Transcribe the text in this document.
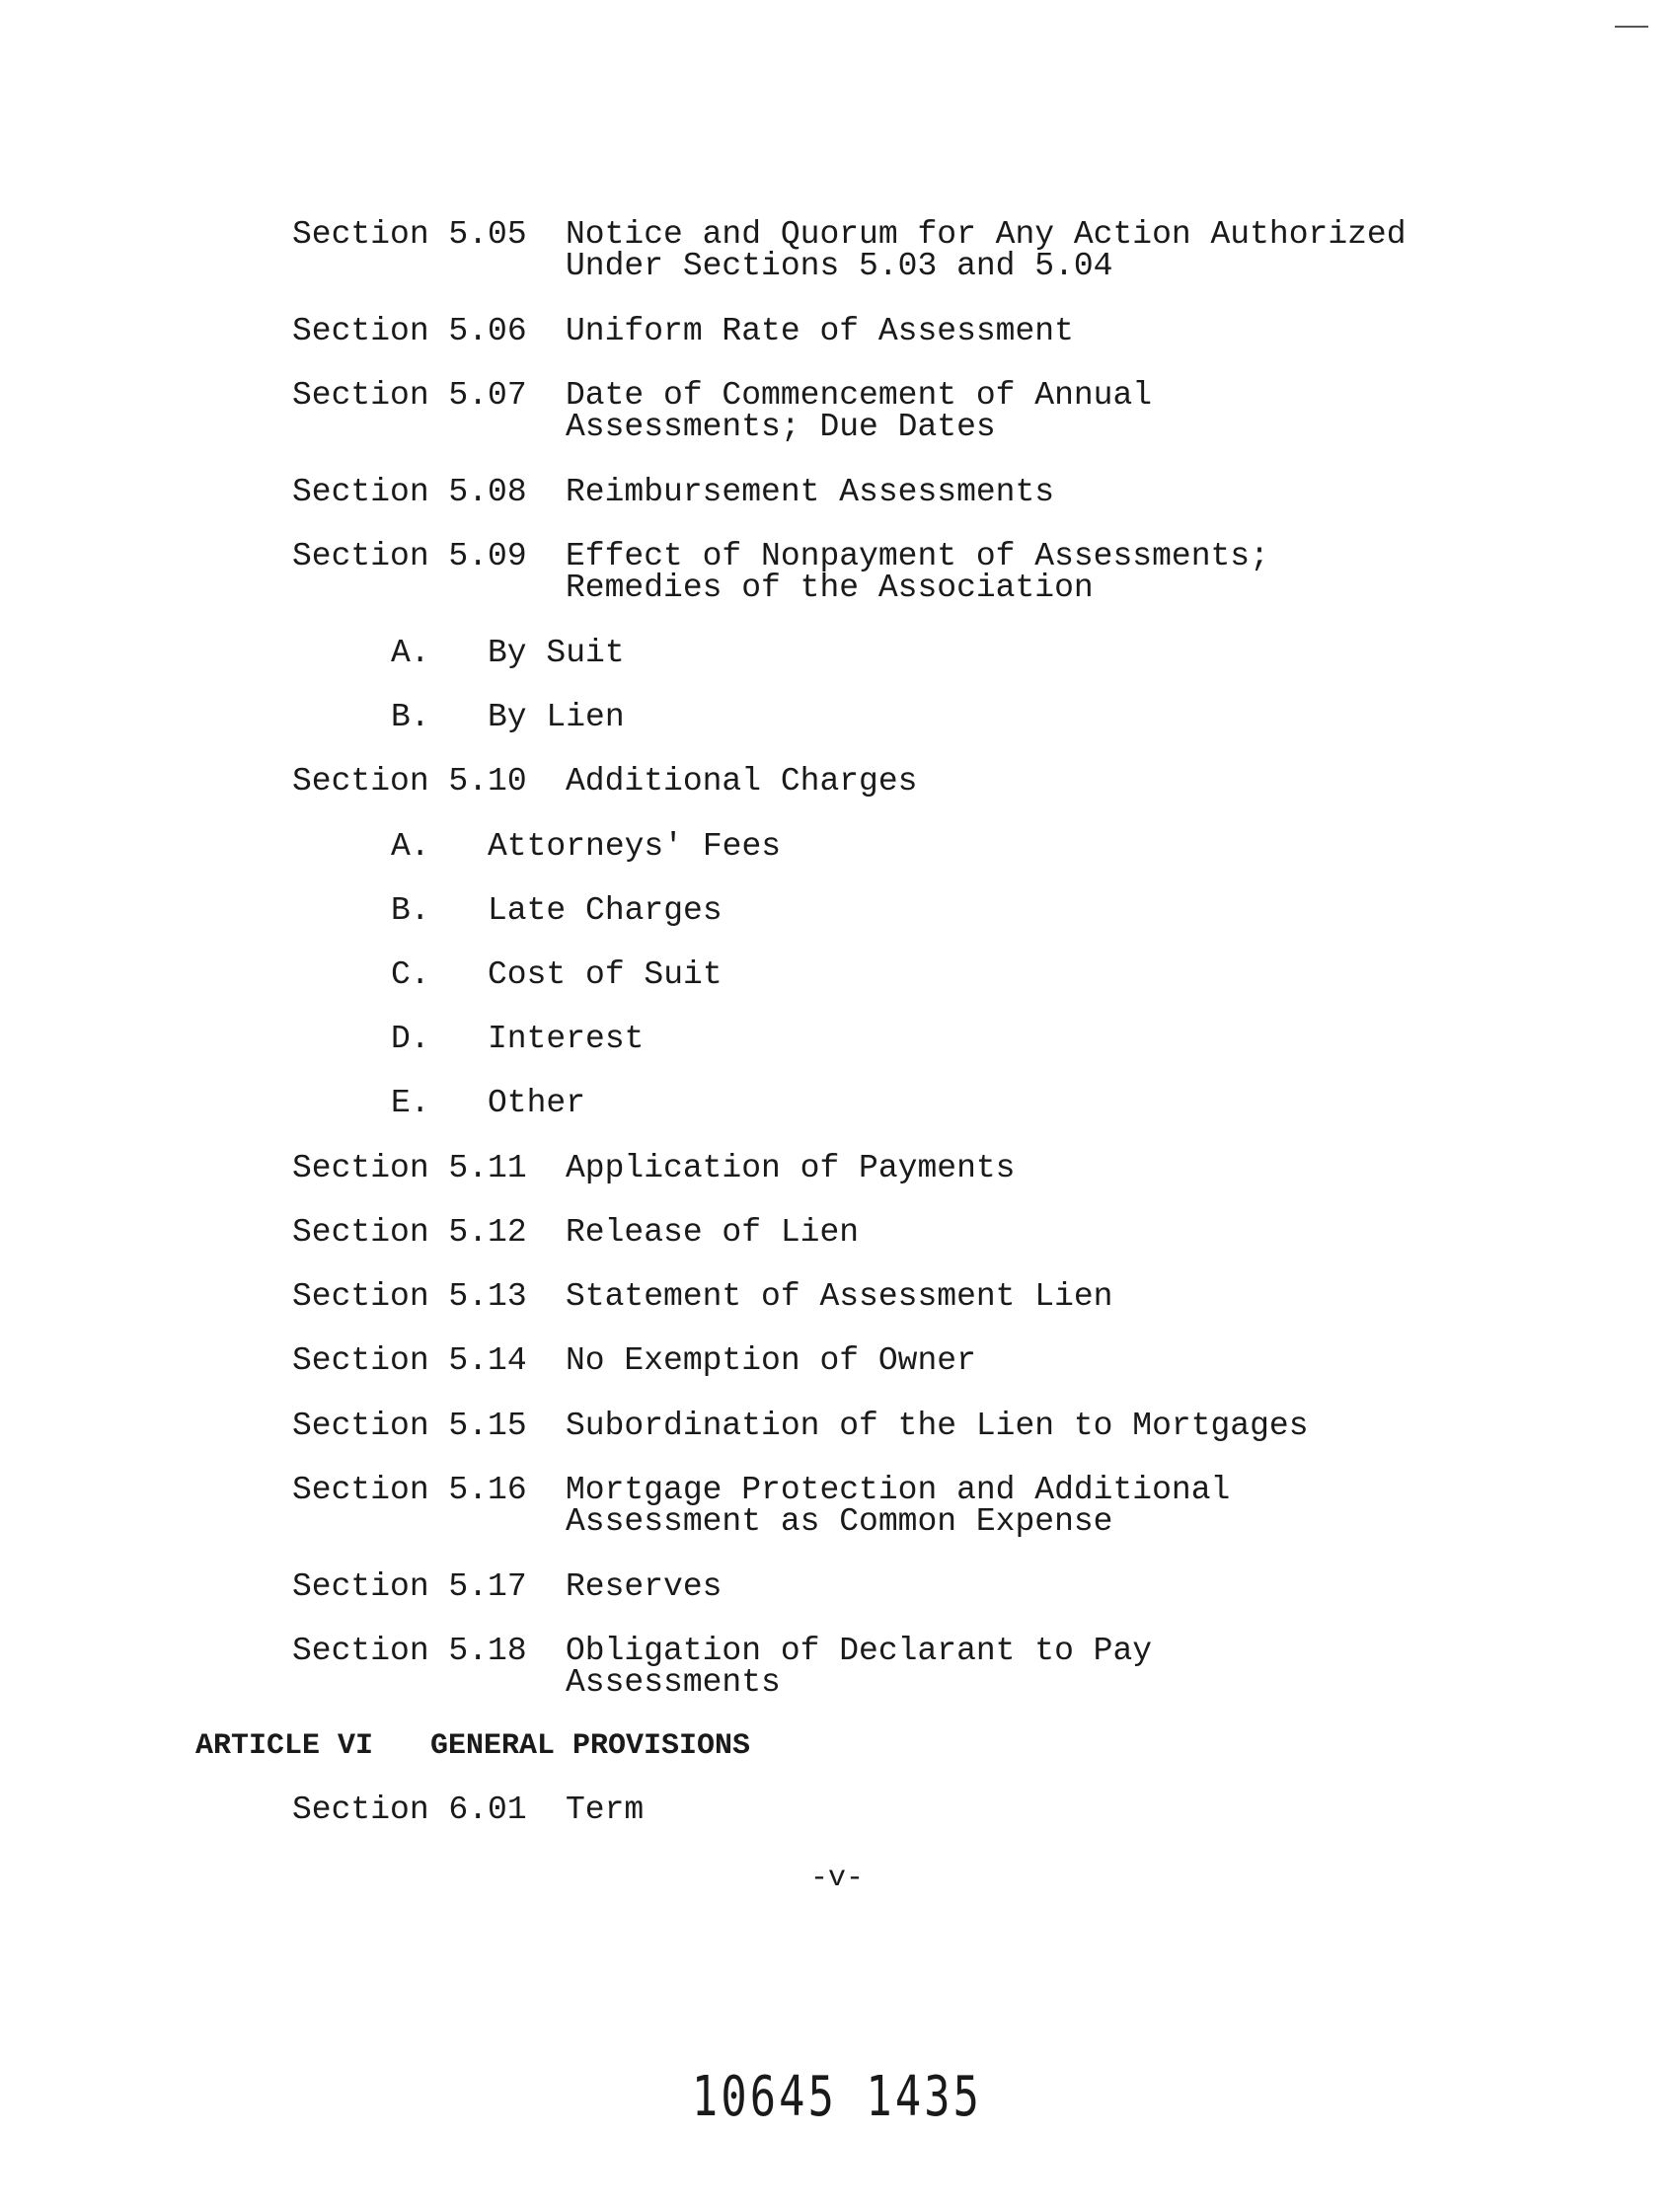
Section 5.05 Notice and Quorum for Any Action Authorized
Under Sections 5.03 and 5.04
Section 5.06 Uniform Rate of Assessment
Section 5.07 Date of Commencement of Annual
Assessments; Due Dates
Section 5.08 Reimbursement Assessments
Section 5.09 Effect of Nonpayment of Assessments;
Remedies of the Association
A. By Suit
B. By Lien
Section 5.10 Additional Charges
A. Attorneys' Fees
B. Late Charges
C. Cost of Suit
D. Interest
E. Other
Section 5.11 Application of Payments
Section 5.12 Release of Lien
Section 5.13 Statement of Assessment Lien
Section 5.14 No Exemption of Owner
Section 5.15 Subordination of the Lien to Mortgages
Section 5.16 Mortgage Protection and Additional
Assessment as Common Expense
Section 5.17 Reserves
Section 5.18 Obligation of Declarant to Pay
Assessments
ARTICLE VI GENERAL PROVISIONS
Section 6.01 Term
-v-
10645 1435
